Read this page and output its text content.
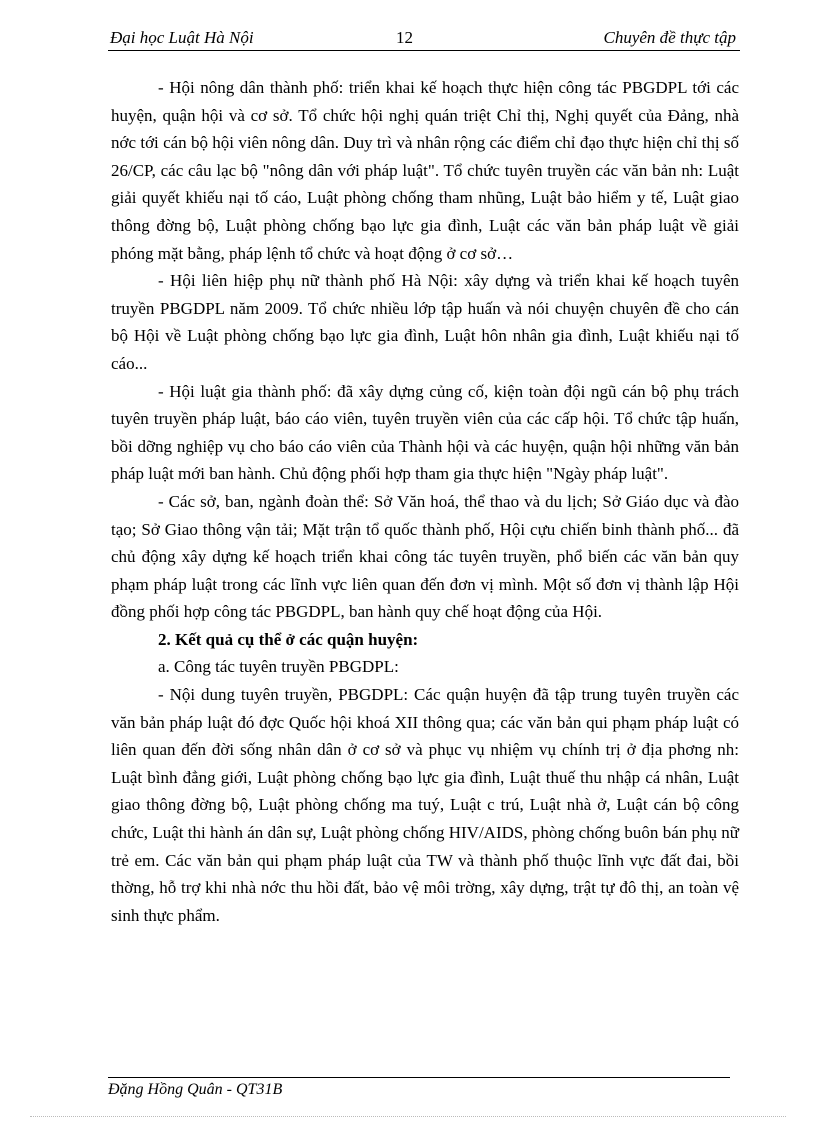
Đại học Luật Hà Nội	12	Chuyên đề thực tập

- Hội nông dân thành phố: triển khai kế hoạch thực hiện công tác PBGDPL tới các huyện, quận hội và cơ sở. Tổ chức hội nghị quán triệt Chỉ thị, Nghị quyết của Đảng, nhà nớc tới cán bộ hội viên nông dân. Duy trì và nhân rộng các điểm chỉ đạo thực hiện chỉ thị số 26/CP, các câu lạc bộ "nông dân với pháp luật". Tổ chức tuyên truyền các văn bản nh: Luật giải quyết khiếu nại tố cáo, Luật phòng chống tham nhũng, Luật bảo hiểm y tế, Luật giao thông đờng bộ, Luật phòng chống bạo lực gia đình, Luật các văn bản pháp luật về giải phóng mặt bằng, pháp lệnh tổ chức và hoạt động ở cơ sở…

- Hội liên hiệp phụ nữ thành phố Hà Nội: xây dựng và triển khai kế hoạch tuyên truyền PBGDPL năm 2009. Tổ chức nhiều lớp tập huấn và nói chuyện chuyên đề cho cán bộ Hội về Luật phòng chống bạo lực gia đình, Luật hôn nhân gia đình, Luật khiếu nại tố cáo...

- Hội luật gia thành phố: đã xây dựng củng cố, kiện toàn đội ngũ cán bộ phụ trách tuyên truyền pháp luật, báo cáo viên, tuyên truyền viên của các cấp hội. Tổ chức tập huấn, bồi dỡng nghiệp vụ cho báo cáo viên của Thành hội và các huyện, quận hội những văn bản pháp luật mới ban hành. Chủ động phối hợp tham gia thực hiện "Ngày pháp luật".

- Các sở, ban, ngành đoàn thể: Sở Văn hoá, thể thao và du lịch; Sở Giáo dục và đào tạo; Sở Giao thông vận tải; Mặt trận tổ quốc thành phố, Hội cựu chiến binh thành phố... đã chủ động xây dựng kế hoạch triển khai công tác tuyên truyền, phổ biến các văn bản quy phạm pháp luật trong các lĩnh vực liên quan đến đơn vị mình. Một số đơn vị thành lập Hội đồng phối hợp công tác PBGDPL, ban hành quy chế hoạt động của Hội.

2. Kết quả cụ thể ở các quận huyện:

a. Công tác tuyên truyền PBGDPL:

- Nội dung tuyên truyền, PBGDPL: Các quận huyện đã tập trung tuyên truyền các văn bản pháp luật đó đợc Quốc hội khoá XII thông qua; các văn bản qui phạm pháp luật có liên quan đến đời sống nhân dân ở cơ sở và phục vụ nhiệm vụ chính trị ở địa phơng nh: Luật bình đẳng giới, Luật phòng chống bạo lực gia đình, Luật thuế thu nhập cá nhân, Luật giao thông đờng bộ, Luật phòng chống ma tuý, Luật c trú, Luật nhà ở, Luật cán bộ công chức, Luật thi hành án dân sự, Luật phòng chống HIV/AIDS, phòng chống buôn bán phụ nữ trẻ em. Các văn bản qui phạm pháp luật của TW và thành phố thuộc lĩnh vực đất đai, bồi thờng, hỗ trợ khi nhà nớc thu hồi đất, bảo vệ môi trờng, xây dựng, trật tự đô thị, an toàn vệ sinh thực phẩm.

Đặng Hồng Quân - QT31B
